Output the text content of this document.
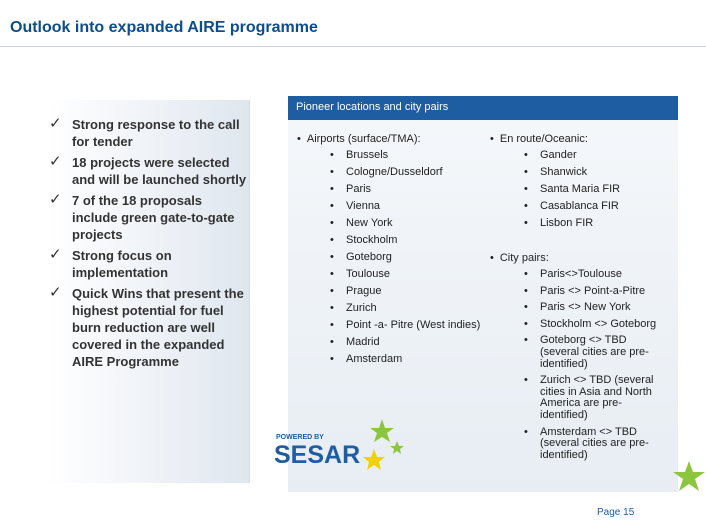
Outlook into expanded AIRE programme
✓ Strong response to the call for tender
✓ 18 projects were selected and will be launched shortly
✓ 7 of the 18 proposals include green gate-to-gate projects
✓ Strong focus on implementation
✓ Quick Wins that present the highest potential for fuel burn reduction are well covered in the expanded AIRE Programme
Pioneer locations and city pairs
• Airports (surface/TMA):
• Brussels
• Cologne/Dusseldorf
• Paris
• Vienna
• New York
• Stockholm
• Goteborg
• Toulouse
• Prague
• Zurich
• Point -a- Pitre (West indies)
• Madrid
• Amsterdam
• En route/Oceanic:
• Gander
• Shanwick
• Santa Maria FIR
• Casablanca FIR
• Lisbon FIR
• City pairs:
• Paris<>Toulouse
• Paris <> Point-a-Pitre
• Paris <> New York
• Stockholm <> Goteborg
• Goteborg <> TBD (several cities are pre-identified)
• Zurich <> TBD (several cities in Asia and North America are pre-identified)
• Amsterdam <> TBD (several cities are pre-identified)
POWERED BY
SESAR
Page 15
